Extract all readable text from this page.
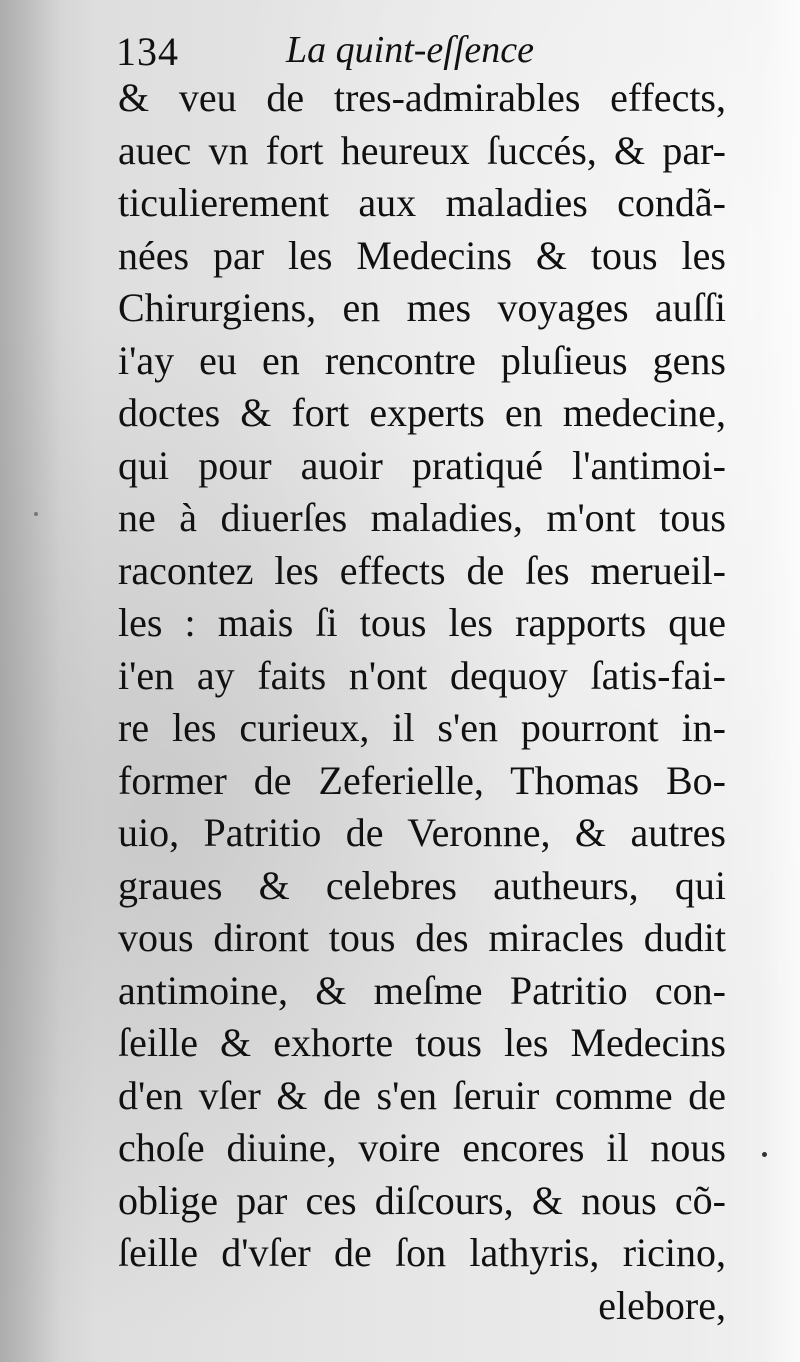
134	La quint-eſſence
& veu de tres-admirables effects,
auec vn fort heureux ſuccés, & par-
ticulierement aux maladies condã-
nées par les Medecins & tous les
Chirurgiens, en mes voyages auſſi
i'ay eu en rencontre pluſieus gens
doctes & fort experts en medecine,
qui pour auoir pratiqué l'antimoi-
ne à diuerſes maladies, m'ont tous
racontez les effects de ſes merueil-
les : mais ſi tous les rapports que
i'en ay faits n'ont dequoy ſatis-fai-
re les curieux, il s'en pourront in-
former de Zeferielle, Thomas Bo-
uio, Patritio de Veronne, & autres
graues & celebres autheurs, qui
vous diront tous des miracles dudit
antimoine, & meſme Patritio con-
ſeille & exhorte tous les Medecins
d'en vſer & de s'en ſeruir comme de
choſe diuine, voire encores il nous
oblige par ces diſcours, & nous cõ-
ſeille d'vſer de ſon lathyris, ricino,
elebore,
